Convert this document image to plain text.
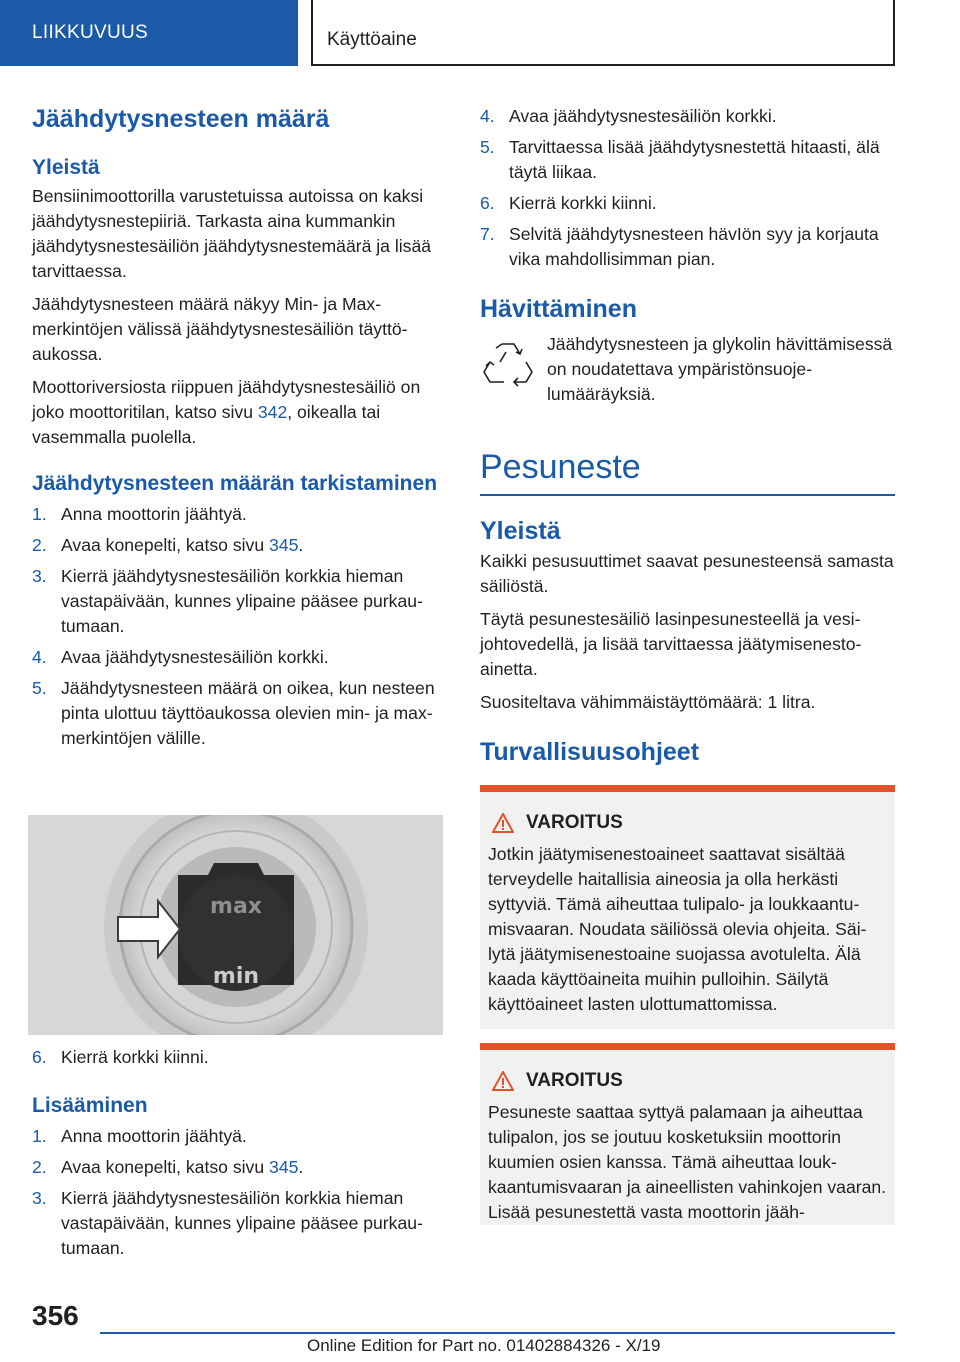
LIIKKUVUUS	Käyttöaine
Jäähdytysnesteen määrä
Yleistä

Bensiinimoottorilla varustetuissa autoissa on kaksi jäähdytysnestepiiriä. Tarkasta aina kummankin jäähdytysnestesäiliön jäähdytysnestemäärä ja lisää tarvittaessa.

Jäähdytysnesteen määrä näkyy Min- ja Max-merkintöjen välissä jäähdytysnestesäiliön täyttöaukossa.

Moottoriversiosta riippuen jäähdytysnestesäiliö on joko moottoritilan, katso sivu 342, oikealla tai vasemmalla puolella.

Jäähdytysnesteen määrän tarkistaminen
1. Anna moottorin jäähtyä.
2. Avaa konepelti, katso sivu 345.
3. Kierrä jäähdytysnestesäiliön korkkia hieman vastapäivään, kunnes ylipaine pääsee purkautumaan.
4. Avaa jäähdytysnestesäiliön korkki.
5. Jäähdytysnesteen määrä on oikea, kun nesteen pinta ulottuu täyttöaukossa olevien min- ja max-merkintöjen välille.
max
min
6. Kierrä korkki kiinni.
Lisääminen
1. Anna moottorin jäähtyä.
2. Avaa konepelti, katso sivu 345.
3. Kierrä jäähdytysnestesäiliön korkkia hieman vastapäivään, kunnes ylipaine pääsee purkautumaan.
4. Avaa jäähdytysnestesäiliön korkki.
5. Tarvittaessa lisää jäähdytysnestettä hitaasti, älä täytä liikaa.
6. Kierrä korkki kiinni.
7. Selvitä jäähdytysnesteen hävIön syy ja korjauta vika mahdollisimman pian.
Hävittäminen

Jäähdytysnesteen ja glykolin hävittämisessä on noudatettava ympäristönsuojelumääräyksiä.

Pesuneste
Yleistä

Kaikki pesusuuttimet saavat pesunesteensä samasta säiliöstä.

Täytä pesunestesäiliö lasinpesunesteellä ja vesijohtovedellä, ja lisää tarvittaessa jäätymisenestoainetta.

Suositeltava vähimmäistäyttömäärä: 1 litra.

Turvallisuusohjeet
VAROITUS

Jotkin jäätymisenestoaineet saattavat sisältää terveydelle haitallisia aineosia ja olla herkästi syttyviä. Tämä aiheuttaa tulipalo- ja loukkaantumisvaaran. Noudata säiliössä olevia ohjeita. Säilytä jäätymisenestoaine suojassa avotulelta. Älä kaada käyttöaineita muihin pulloihin. Säilytä käyttöaineet lasten ulottumattomissa.

VAROITUS

Pesuneste saattaa syttyä palamaan ja aiheuttaa tulipalon, jos se joutuu kosketuksiin moottorin kuumien osien kanssa. Tämä aiheuttaa loukkaantumisvaaran ja aineellisten vahinkojen vaaran. Lisää pesunestettä vasta moottorin jääh-

356
Online Edition for Part no. 01402884326 - X/19
